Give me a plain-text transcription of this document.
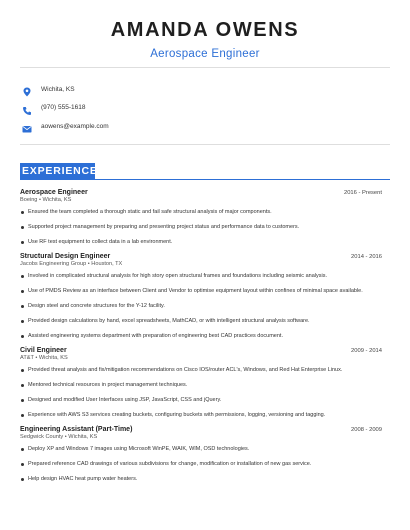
AMANDA OWENS
Aerospace Engineer
Wichita, KS
(970) 555-1618
aowens@example.com
EXPERIENCE
Aerospace Engineer	2016 - Present
Boeing • Wichita, KS
Ensured the team completed a thorough static and fail safe structural analysis of major components.
Supported project management by preparing and presenting project status and performance data to customers.
Use RF test equipment to collect data in a lab environment.
Structural Design Engineer	2014 - 2016
Jacobs Engineering Group • Houston, TX
Involved in complicated structural analysis for high story open structural frames and foundations including seismic analysis.
Use of PMDS Review as an interface between Client and Vendor to optimise equipment layout within confines of minimal space available.
Design steel and concrete structures for the Y-12 facility.
Provided design calculations by hand, excel spreadsheets, MathCAD, or with intelligent structural analysis software.
Assisted engineering systems department with preparation of engineering best CAD practices document.
Civil Engineer	2009 - 2014
AT&T • Wichita, KS
Provided threat analysis and fix/mitigation recommendations on Cisco IOS/router ACL's, Windows, and Red Hat Enterprise Linux.
Mentored technical resources in project management techniques.
Designed and modified User Interfaces using JSP, JavaScript, CSS and jQuery.
Experience with AWS S3 services creating buckets, configuring buckets with permissions, logging, versioning and tagging.
Engineering Assistant (Part-Time)	2008 - 2009
Sedgwick County • Wichita, KS
Deploy XP and Windows 7 images using Microsoft WinPE, WAIK, WIM, OSD technologies.
Prepared reference CAD drawings of various subdivisions for change, modification or installation of new gas service.
Help design HVAC heat pump water heaters.
